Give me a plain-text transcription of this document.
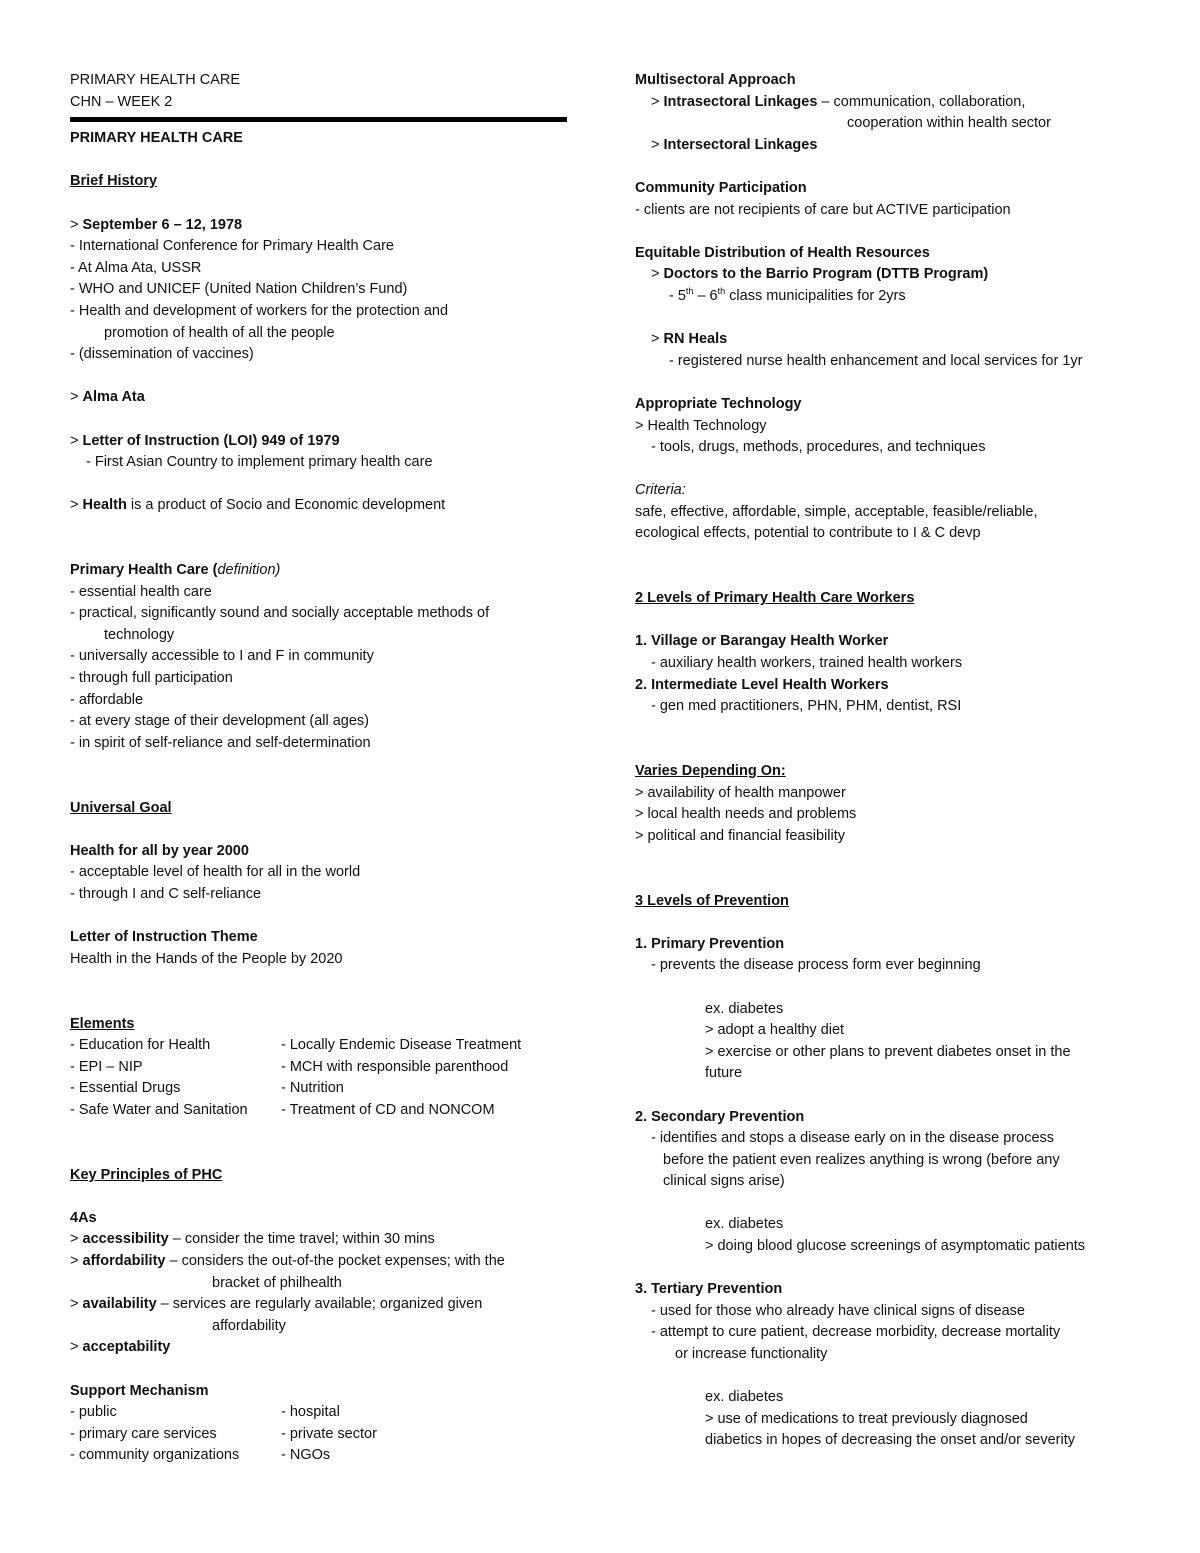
PRIMARY HEALTH CARE
CHN – WEEK 2
PRIMARY HEALTH CARE
Brief History
> September 6 – 12, 1978
- International Conference for Primary Health Care
- At Alma Ata, USSR
- WHO and UNICEF (United Nation Children’s Fund)
- Health and development of workers for the protection and
promotion of health of all the people
- (dissemination of vaccines)
> Alma Ata
> Letter of Instruction (LOI) 949 of 1979
- First Asian Country to implement primary health care
> Health is a product of Socio and Economic development
Primary Health Care (definition)
- essential health care
- practical, significantly sound and socially acceptable methods of
technology
- universally accessible to I and F in community
- through full participation
- affordable
- at every stage of their development (all ages)
- in spirit of self-reliance and self-determination
Universal Goal
Health for all by year 2000
- acceptable level of health for all in the world
- through I and C self-reliance
Letter of Instruction Theme
Health in the Hands of the People by 2020
Elements
- Education for Health	- Locally Endemic Disease Treatment
- EPI – NIP	- MCH with responsible parenthood
- Essential Drugs	- Nutrition
- Safe Water and Sanitation	- Treatment of CD and NONCOM
Key Principles of PHC
4As
> accessibility – consider the time travel; within 30 mins
> affordability – considers the out-of-the pocket expenses; with the
bracket of philhealth
> availability – services are regularly available; organized given
affordability
> acceptability
Support Mechanism
- public	- hospital
- primary care services	- private sector
- community organizations	- NGOs
Multisectoral Approach
> Intrasectoral Linkages – communication, collaboration,
cooperation within health sector
> Intersectoral Linkages
Community Participation
- clients are not recipients of care but ACTIVE participation
Equitable Distribution of Health Resources
> Doctors to the Barrio Program (DTTB Program)
- 5th – 6th class municipalities for 2yrs
> RN Heals
- registered nurse health enhancement and local services for 1yr
Appropriate Technology
> Health Technology
- tools, drugs, methods, procedures, and techniques
Criteria:
safe, effective, affordable, simple, acceptable, feasible/reliable,
ecological effects, potential to contribute to I & C devp
2 Levels of Primary Health Care Workers
1. Village or Barangay Health Worker
- auxiliary health workers, trained health workers
2. Intermediate Level Health Workers
- gen med practitioners, PHN, PHM, dentist, RSI
Varies Depending On:
> availability of health manpower
> local health needs and problems
> political and financial feasibility
3 Levels of Prevention
1. Primary Prevention
- prevents the disease process form ever beginning
ex. diabetes
> adopt a healthy diet
> exercise or other plans to prevent diabetes onset in the
future
2. Secondary Prevention
- identifies and stops a disease early on in the disease process
before the patient even realizes anything is wrong (before any
clinical signs arise)
ex. diabetes
> doing blood glucose screenings of asymptomatic patients
3. Tertiary Prevention
- used for those who already have clinical signs of disease
- attempt to cure patient, decrease morbidity, decrease mortality
or increase functionality
ex. diabetes
> use of medications to treat previously diagnosed
diabetics in hopes of decreasing the onset and/or severity
